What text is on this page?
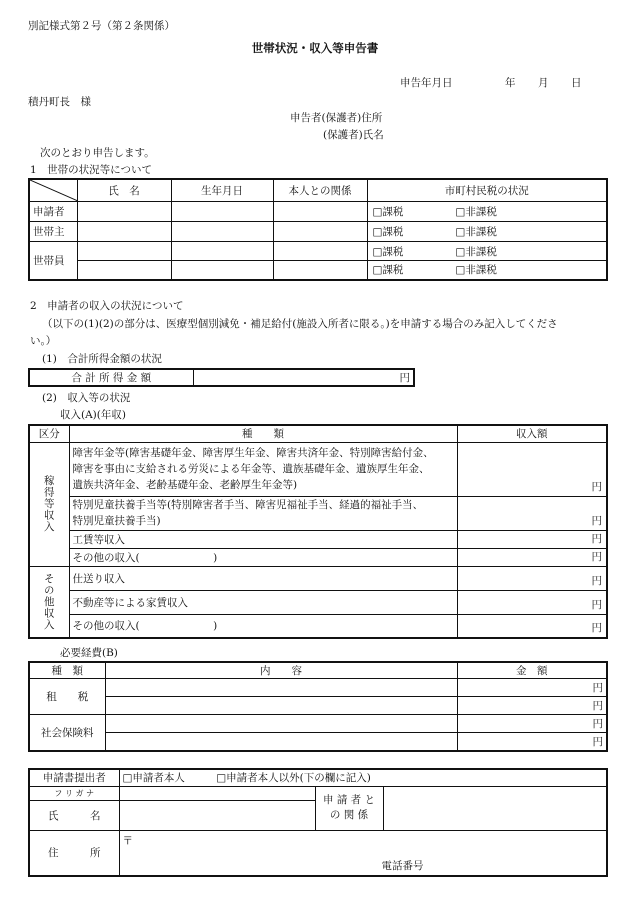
別記様式第２号（第２条関係）
世帯状況・収入等申告書
申告年月日	年 月 日
積丹町長　様
申告者(保護者)住所
(保護者)氏名
次のとおり申告します。
1　世帯の状況等について
	氏　名	生年月日	本人との関係	市町村民税の状況
申請者				□課税 □非課税
世帯主				□課税 □非課税
世帯員				□課税 □非課税
				□課税 □非課税
2　申請者の収入の状況について
（以下の(1)(2)の部分は、医療型個別減免・補足給付(施設入所者に限る。)を申請する場合のみ記入してくださ
い。）
(1)　合計所得金額の状況
合 計 所 得 金 額	円
(2)　収入等の状況
収入(A)(年収)
区分	種　　類	収入額

稼得等収入	障害年金等(障害基礎年金、障害厚生年金、障害共済年金、特別障害給付金、
障害を事由に支給される労災による年金等、遺族基礎年金、遺族厚生年金、
遺族共済年金、老齢基礎年金、老齢厚生年金等)	円

	特別児童扶養手当等(特別障害者手当、障害児福祉手当、経過的福祉手当、
特別児童扶養手当)	円

	工賃等収入	円

	その他の収入(　　　　　　　)	円

その他収入	仕送り収入	円

	不動産等による家賃収入	円

	その他の収入(　　　　　　　)	円
必要経費(B)
種　類	内　　容	金　額
租　　税		円
		円
社会保険料		円
		円
申請書提出者	□申請者本人 □申請者本人以外(下の欄に記入)		
フ リ ガ ナ		申 請 者 と
の 関 係	

氏　　　名			
住　　　所	〒
電話番号		
